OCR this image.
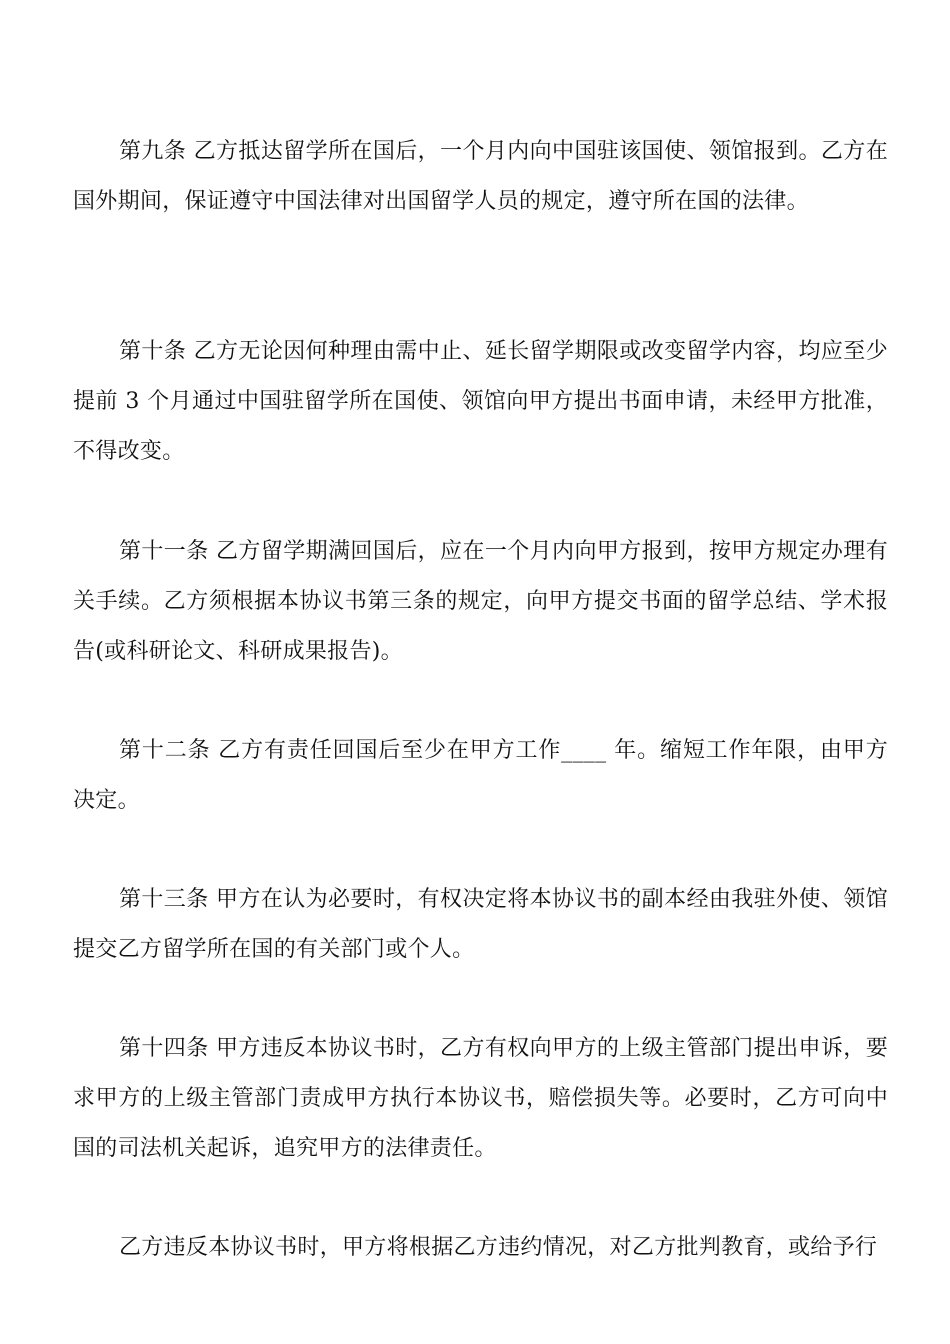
第九条 乙方抵达留学所在国后，一个月内向中国驻该国使、领馆报到。乙方在国外期间，保证遵守中国法律对出国留学人员的规定，遵守所在国的法律。

第十条 乙方无论因何种理由需中止、延长留学期限或改变留学内容，均应至少提前 3 个月通过中国驻留学所在国使、领馆向甲方提出书面申请，未经甲方批准，不得改变。

第十一条 乙方留学期满回国后，应在一个月内向甲方报到，按甲方规定办理有关手续。乙方须根据本协议书第三条的规定，向甲方提交书面的留学总结、学术报告(或科研论文、科研成果报告)。

第十二条 乙方有责任回国后至少在甲方工作____ 年。缩短工作年限，由甲方决定。

第十三条 甲方在认为必要时，有权决定将本协议书的副本经由我驻外使、领馆提交乙方留学所在国的有关部门或个人。

第十四条 甲方违反本协议书时，乙方有权向甲方的上级主管部门提出申诉，要求甲方的上级主管部门责成甲方执行本协议书，赔偿损失等。必要时，乙方可向中国的司法机关起诉，追究甲方的法律责任。

乙方违反本协议书时，甲方将根据乙方违约情况，对乙方批判教育，或给予行
